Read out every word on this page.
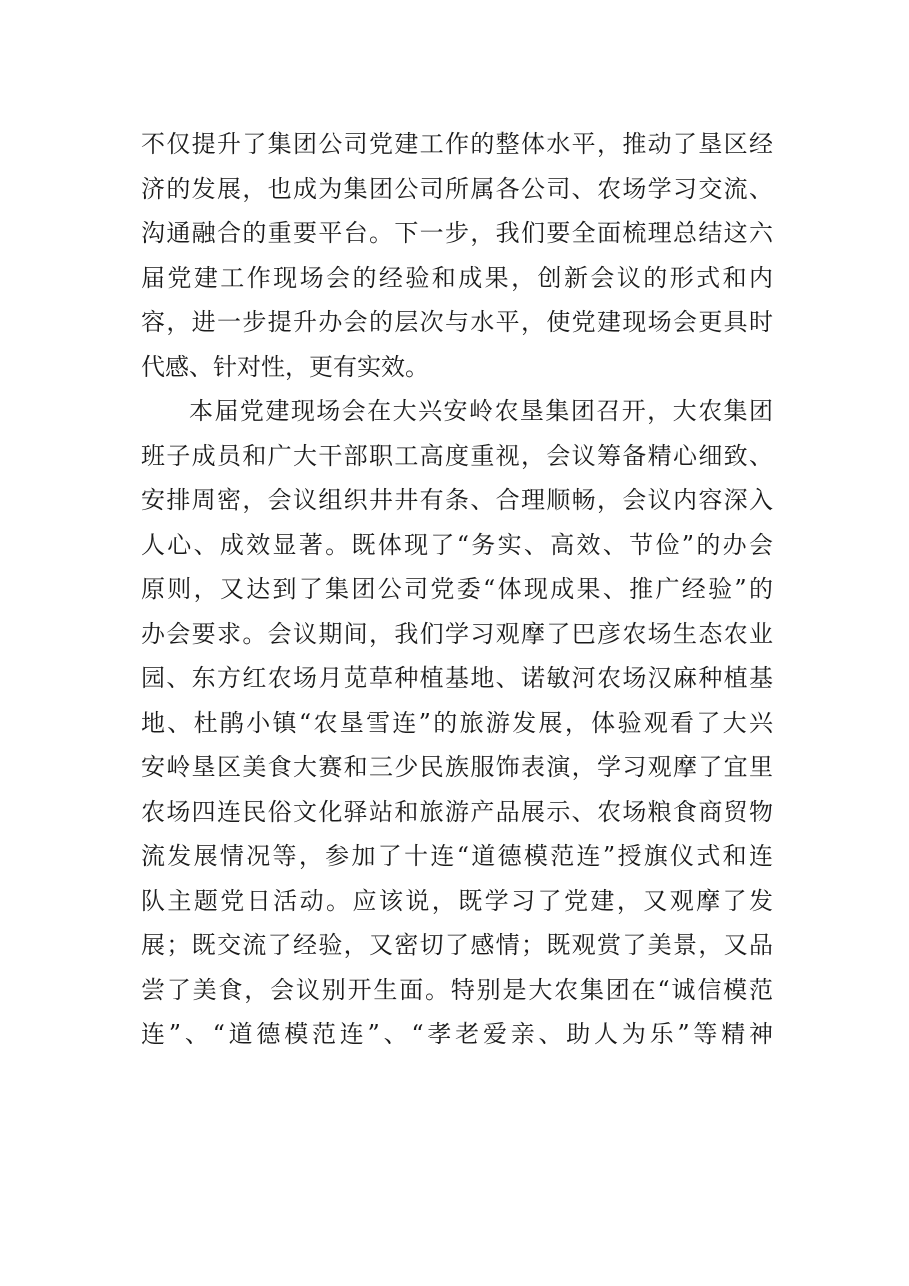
不仅提升了集团公司党建工作的整体水平，推动了垦区经
济的发展，也成为集团公司所属各公司、农场学习交流、
沟通融合的重要平台。下一步，我们要全面梳理总结这六
届党建工作现场会的经验和成果，创新会议的形式和内
容，进一步提升办会的层次与水平，使党建现场会更具时
代感、针对性，更有实效。
本届党建现场会在大兴安岭农垦集团召开，大农集团
班子成员和广大干部职工高度重视，会议筹备精心细致、
安排周密，会议组织井井有条、合理顺畅，会议内容深入
人心、成效显著。既体现了“务实、高效、节俭”的办会
原则，又达到了集团公司党委“体现成果、推广经验”的
办会要求。会议期间，我们学习观摩了巴彦农场生态农业
园、东方红农场月苋草种植基地、诺敏河农场汉麻种植基
地、杜鹃小镇“农垦雪连”的旅游发展，体验观看了大兴
安岭垦区美食大赛和三少民族服饰表演，学习观摩了宜里
农场四连民俗文化驿站和旅游产品展示、农场粮食商贸物
流发展情况等，参加了十连“道德模范连”授旗仪式和连
队主题党日活动。应该说，既学习了党建，又观摩了发
展；既交流了经验，又密切了感情；既观赏了美景，又品
尝了美食，会议别开生面。特别是大农集团在“诚信模范
连”、“道德模范连”、“孝老爱亲、助人为乐”等精神
